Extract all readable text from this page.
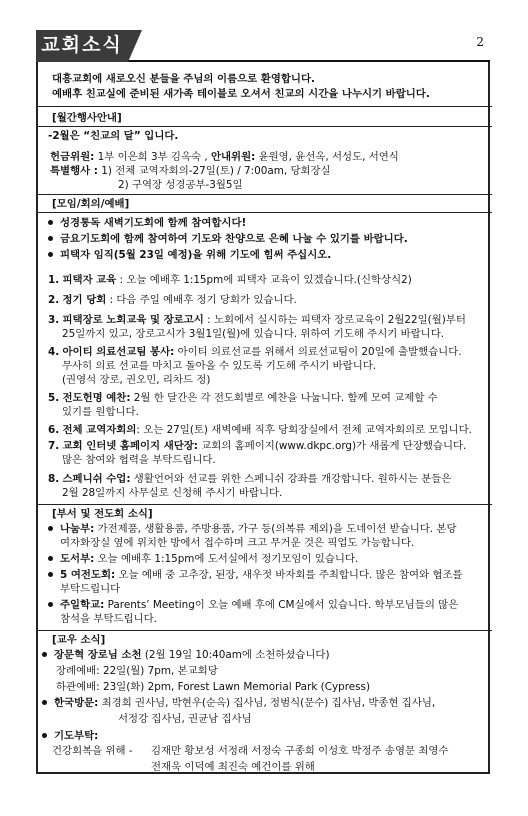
교회소식	2
대흥교회에 새로오신 분들을 주님의 이름으로 환영합니다.
예배후 친교실에 준비된 새가족 테이블로 오셔서 친교의 시간을 나누시기 바랍니다.
[월간행사안내]
-2월은 “친교의 달” 입니다.
헌금위원: 1부 이은희 3부 김옥숙 , 안내위원: 윤원영, 윤선옥, 서성도, 서연식
특별행사 : 1) 전체 교역자회의-27일(토) / 7:00am, 당회장실
2) 구역장 성경공부-3월5일
[모임/회의/예배]
성경통독 새벽기도회에 함께 참여합시다!
금요기도회에 함께 참여하여 기도와 찬양으로 은혜 나눌 수 있기를 바랍니다.
피택자 임직(5월 23일 예정)을 위해 기도에 힘써 주십시오.
1. 피택자 교육 : 오늘 예배후 1:15pm에 피택자 교육이 있겠습니다.(신학상식2)
2. 정기 당회 : 다음 주일 예배후 정기 당회가 있습니다.
3. 피택장로 노회교육 및 장로고시 : 노회에서 실시하는 피택자 장로교육이 2월22일(월)부터
25일까지 있고, 장로고시가 3월1일(월)에 있습니다. 위하여 기도해 주시기 바랍니다.
4. 아이티 의료선교팀 봉사: 아이티 의료선교를 위해서 의료선교팀이 20일에 출발했습니다.
무사히 의료 선교를 마치고 돌아올 수 있도록 기도해 주시기 바랍니다.
(권영석 장로, 권오민, 리차드 정)
5. 전도헌명 예찬: 2월 한 달간은 각 전도회별로 예찬을 나눕니다. 함께 모여 교제할 수
있기를 원합니다.
6. 전체 교역자회의: 오는 27일(토) 새벽예배 직후 당회장실에서 전체 교역자회의로 모입니다.
7. 교회 인터넷 홈페이지 새단장: 교회의 홈페이지(www.dkpc.org)가 새롭게 단장했습니다.
많은 참여와 협력을 부탁드립니다.
8. 스페니쉬 수업: 생활언어와 선교를 위한 스페니쉬 강좌를 개강합니다. 원하시는 분들은
2월 28일까지 사무실로 신청해 주시기 바랍니다.
[부서 및 전도회 소식]
나눔부: 가전제품, 생활용품, 주방용품, 가구 등(의복류 제외)을 도네이션 받습니다. 본당
여자화장실 옆에 위치한 방에서 접수하며 크고 무거운 것은 픽업도 가능합니다.
도서부: 오늘 예배후 1:15pm에 도서실에서 정기모임이 있습니다.
5 여전도회: 오늘 예배 중 고추장, 된장, 새우젓 바자회를 주최합니다. 많은 참여와 협조를
부탁드립니다
주일학교: Parents’ Meeting이 오늘 예배 후에 CM실에서 있습니다. 학부모님들의 많은
참석을 부탁드립니다.
[교우 소식]
장문혁 장로님 소천 (2월 19일 10:40am에 소천하셨습니다)
장례예배: 22일(월) 7pm, 본교회당
하관예배: 23일(화) 2pm, Forest Lawn Memorial Park (Cypress)
한국방문: 최경희 권사님, 박현우(순옥) 집사님, 정범식(문수) 집사님, 박종현 집사님,
서정강 집사님, 권균남 집사님
기도부탁:
건강회복을 위해 - 김재만 황보성 서정래 서정숙 구종희 이성호 박정주 송영문 최영수
전재욱 이덕예 최진숙 예건이를 위해
